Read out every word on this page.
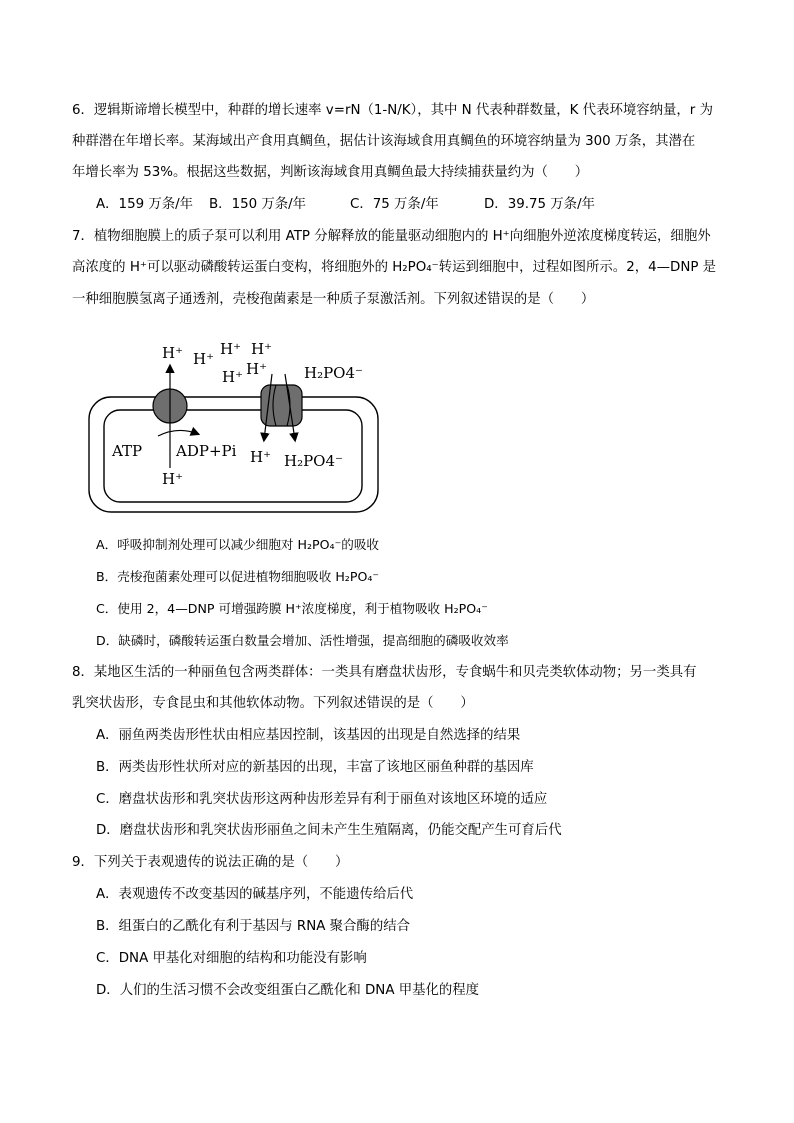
6．逻辑斯谛增长模型中，种群的增长速率 v=rN（1-N/K），其中 N 代表种群数量，K 代表环境容纳量，r 为
种群潜在年增长率。某海域出产食用真鲷鱼，据估计该海域食用真鲷鱼的环境容纳量为 300 万条，其潜在
年增长率为 53%。根据这些数据，判断该海域食用真鲷鱼最大持续捕获量约为（　　）
A．159 万条/年 B．150 万条/年	C．75 万条/年	D．39.75 万条/年
7．植物细胞膜上的质子泵可以利用 ATP 分解释放的能量驱动细胞内的 H⁺向细胞外逆浓度梯度转运，细胞外
高浓度的 H⁺可以驱动磷酸转运蛋白变构，将细胞外的 H₂PO₄⁻转运到细胞中，过程如图所示。2，4—DNP 是
一种细胞膜氢离子通透剂，壳梭孢菌素是一种质子泵激活剂。下列叙述错误的是（　　）
H⁺ H⁺
H⁺ H⁺
H⁺ H⁺ H₂PO4⁻
ATP ADP+Pi
H⁺
H⁺ H₂PO4⁻
A．呼吸抑制剂处理可以减少细胞对 H₂PO₄⁻的吸收
B．壳梭孢菌素处理可以促进植物细胞吸收 H₂PO₄⁻
C．使用 2，4—DNP 可增强跨膜 H⁺浓度梯度，利于植物吸收 H₂PO₄⁻
D．缺磷时，磷酸转运蛋白数量会增加、活性增强，提高细胞的磷吸收效率
8．某地区生活的一种丽鱼包含两类群体：一类具有磨盘状齿形，专食蜗牛和贝壳类软体动物；另一类具有
乳突状齿形，专食昆虫和其他软体动物。下列叙述错误的是（　　）
A．丽鱼两类齿形性状由相应基因控制，该基因的出现是自然选择的结果
B．两类齿形性状所对应的新基因的出现，丰富了该地区丽鱼种群的基因库
C．磨盘状齿形和乳突状齿形这两种齿形差异有利于丽鱼对该地区环境的适应
D．磨盘状齿形和乳突状齿形丽鱼之间未产生生殖隔离，仍能交配产生可育后代
9．下列关于表观遗传的说法正确的是（　　）
A．表观遗传不改变基因的碱基序列，不能遗传给后代
B．组蛋白的乙酰化有利于基因与 RNA 聚合酶的结合
C．DNA 甲基化对细胞的结构和功能没有影响
D．人们的生活习惯不会改变组蛋白乙酰化和 DNA 甲基化的程度
